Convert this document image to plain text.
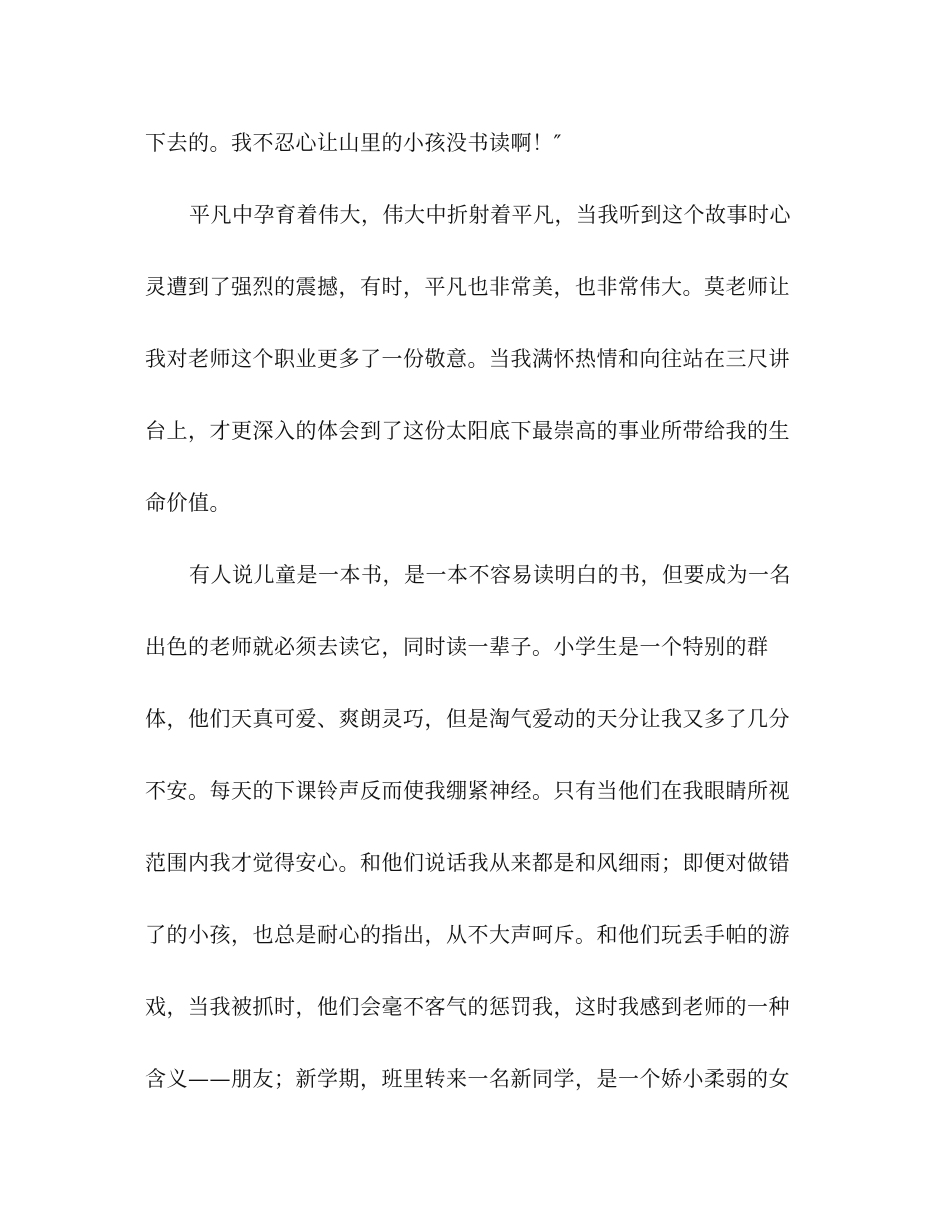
下去的。我不忍心让山里的小孩没书读啊！″
平凡中孕育着伟大，伟大中折射着平凡，当我听到这个故事时心
灵遭到了强烈的震撼，有时，平凡也非常美，也非常伟大。莫老师让
我对老师这个职业更多了一份敬意。当我满怀热情和向往站在三尺讲
台上，才更深入的体会到了这份太阳底下最崇高的事业所带给我的生
命价值。
有人说儿童是一本书，是一本不容易读明白的书，但要成为一名
出色的老师就必须去读它，同时读一辈子。小学生是一个特别的群
体，他们天真可爱、爽朗灵巧，但是淘气爱动的天分让我又多了几分
不安。每天的下课铃声反而使我绷紧神经。只有当他们在我眼睛所视
范围内我才觉得安心。和他们说话我从来都是和风细雨；即便对做错
了的小孩，也总是耐心的指出，从不大声呵斥。和他们玩丢手帕的游
戏，当我被抓时，他们会毫不客气的惩罚我，这时我感到老师的一种
含义——朋友；新学期，班里转来一名新同学，是一个娇小柔弱的女
